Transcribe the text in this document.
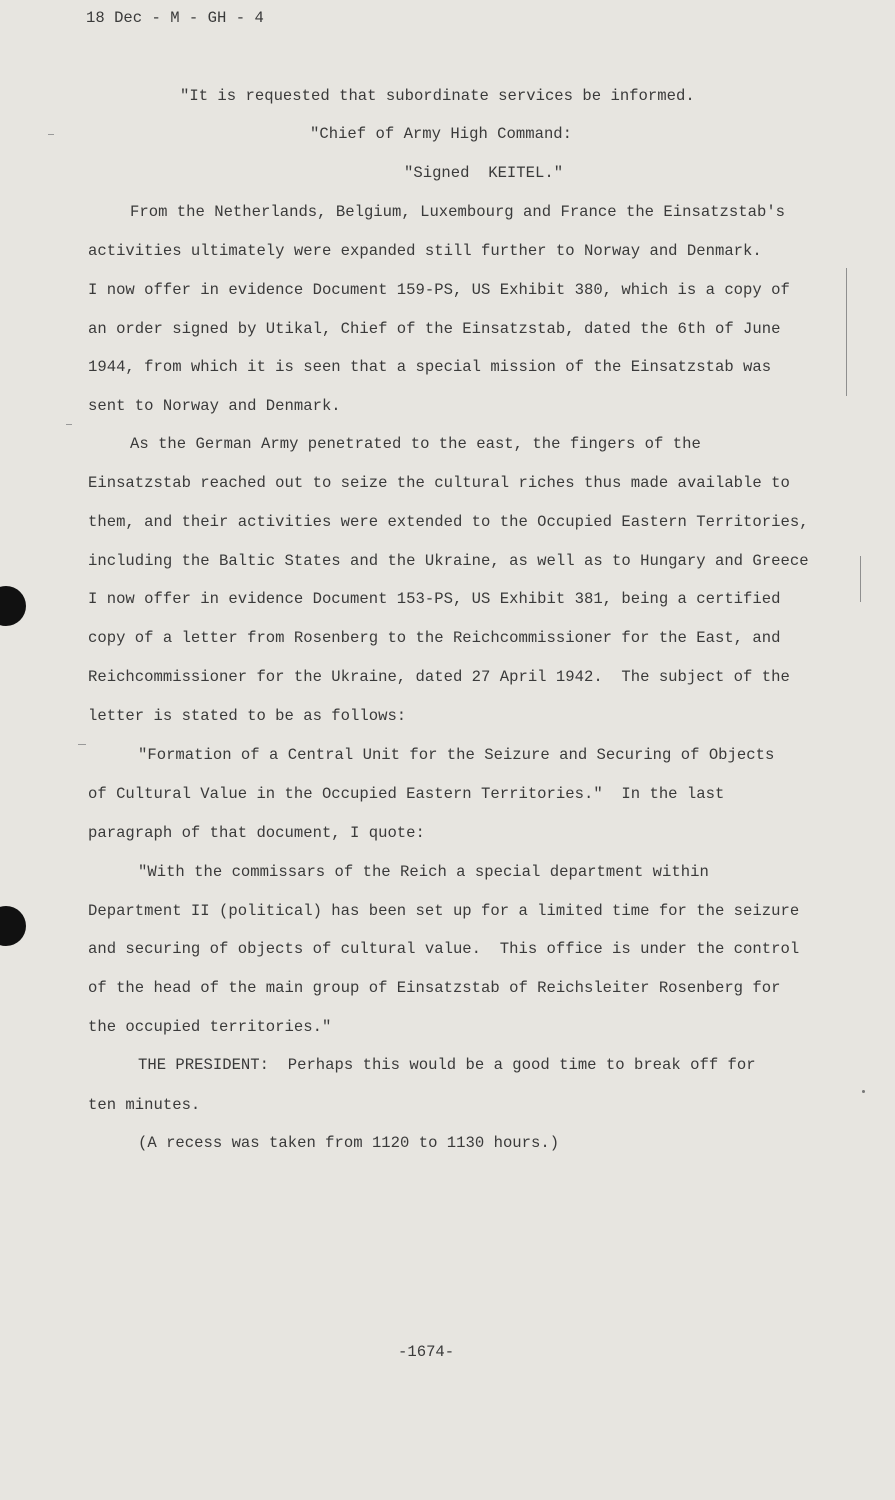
18 Dec - M - GH - 4
"It is requested that subordinate services be informed.
"Chief of Army High Command:
"Signed  KEITEL."
From the Netherlands, Belgium, Luxembourg and France the Einsatzstab's
activities ultimately were expanded still further to Norway and Denmark.
I now offer in evidence Document 159-PS, US Exhibit 380, which is a copy of
an order signed by Utikal, Chief of the Einsatzstab, dated the 6th of June
1944, from which it is seen that a special mission of the Einsatzstab was
sent to Norway and Denmark.
As the German Army penetrated to the east, the fingers of the
Einsatzstab reached out to seize the cultural riches thus made available to
them, and their activities were extended to the Occupied Eastern Territories,
including the Baltic States and the Ukraine, as well as to Hungary and Greece
I now offer in evidence Document 153-PS, US Exhibit 381, being a certified
copy of a letter from Rosenberg to the Reichcommissioner for the East, and
Reichcommissioner for the Ukraine, dated 27 April 1942.  The subject of the
letter is stated to be as follows:
"Formation of a Central Unit for the Seizure and Securing of Objects
of Cultural Value in the Occupied Eastern Territories."  In the last
paragraph of that document, I quote:
"With the commissars of the Reich a special department within
Department II (political) has been set up for a limited time for the seizure
and securing of objects of cultural value.  This office is under the control
of the head of the main group of Einsatzstab of Reichsleiter Rosenberg for
the occupied territories."
THE PRESIDENT:  Perhaps this would be a good time to break off for
ten minutes.
(A recess was taken from 1120 to 1130 hours.)
-1674-
